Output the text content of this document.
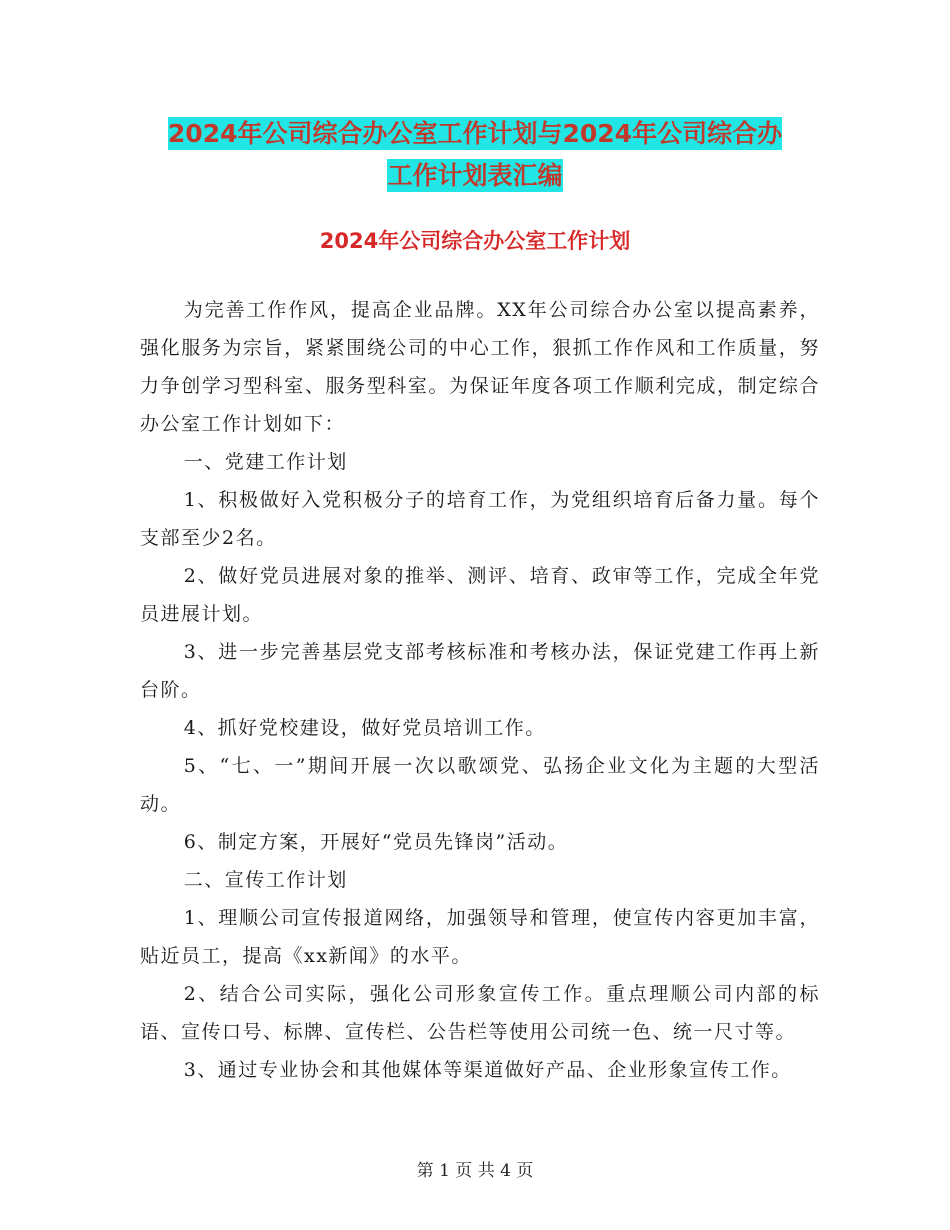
2024年公司综合办公室工作计划与2024年公司综合办
工作计划表汇编
2024年公司综合办公室工作计划

为完善工作作风，提高企业品牌。XX年公司综合办公室以提高素养，强化服务为宗旨，紧紧围绕公司的中心工作，狠抓工作作风和工作质量，努力争创学习型科室、服务型科室。为保证年度各项工作顺利完成，制定综合办公室工作计划如下：

一、党建工作计划

1、积极做好入党积极分子的培育工作，为党组织培育后备力量。每个支部至少2名。

2、做好党员进展对象的推举、测评、培育、政审等工作，完成全年党员进展计划。

3、进一步完善基层党支部考核标准和考核办法，保证党建工作再上新台阶。

4、抓好党校建设，做好党员培训工作。

5、“七、一”期间开展一次以歌颂党、弘扬企业文化为主题的大型活动。

6、制定方案，开展好“党员先锋岗”活动。

二、宣传工作计划

1、理顺公司宣传报道网络，加强领导和管理，使宣传内容更加丰富，贴近员工，提高《xx新闻》的水平。

2、结合公司实际，强化公司形象宣传工作。重点理顺公司内部的标语、宣传口号、标牌、宣传栏、公告栏等使用公司统一色、统一尺寸等。

3、通过专业协会和其他媒体等渠道做好产品、企业形象宣传工作。

第 1 页 共 4 页
